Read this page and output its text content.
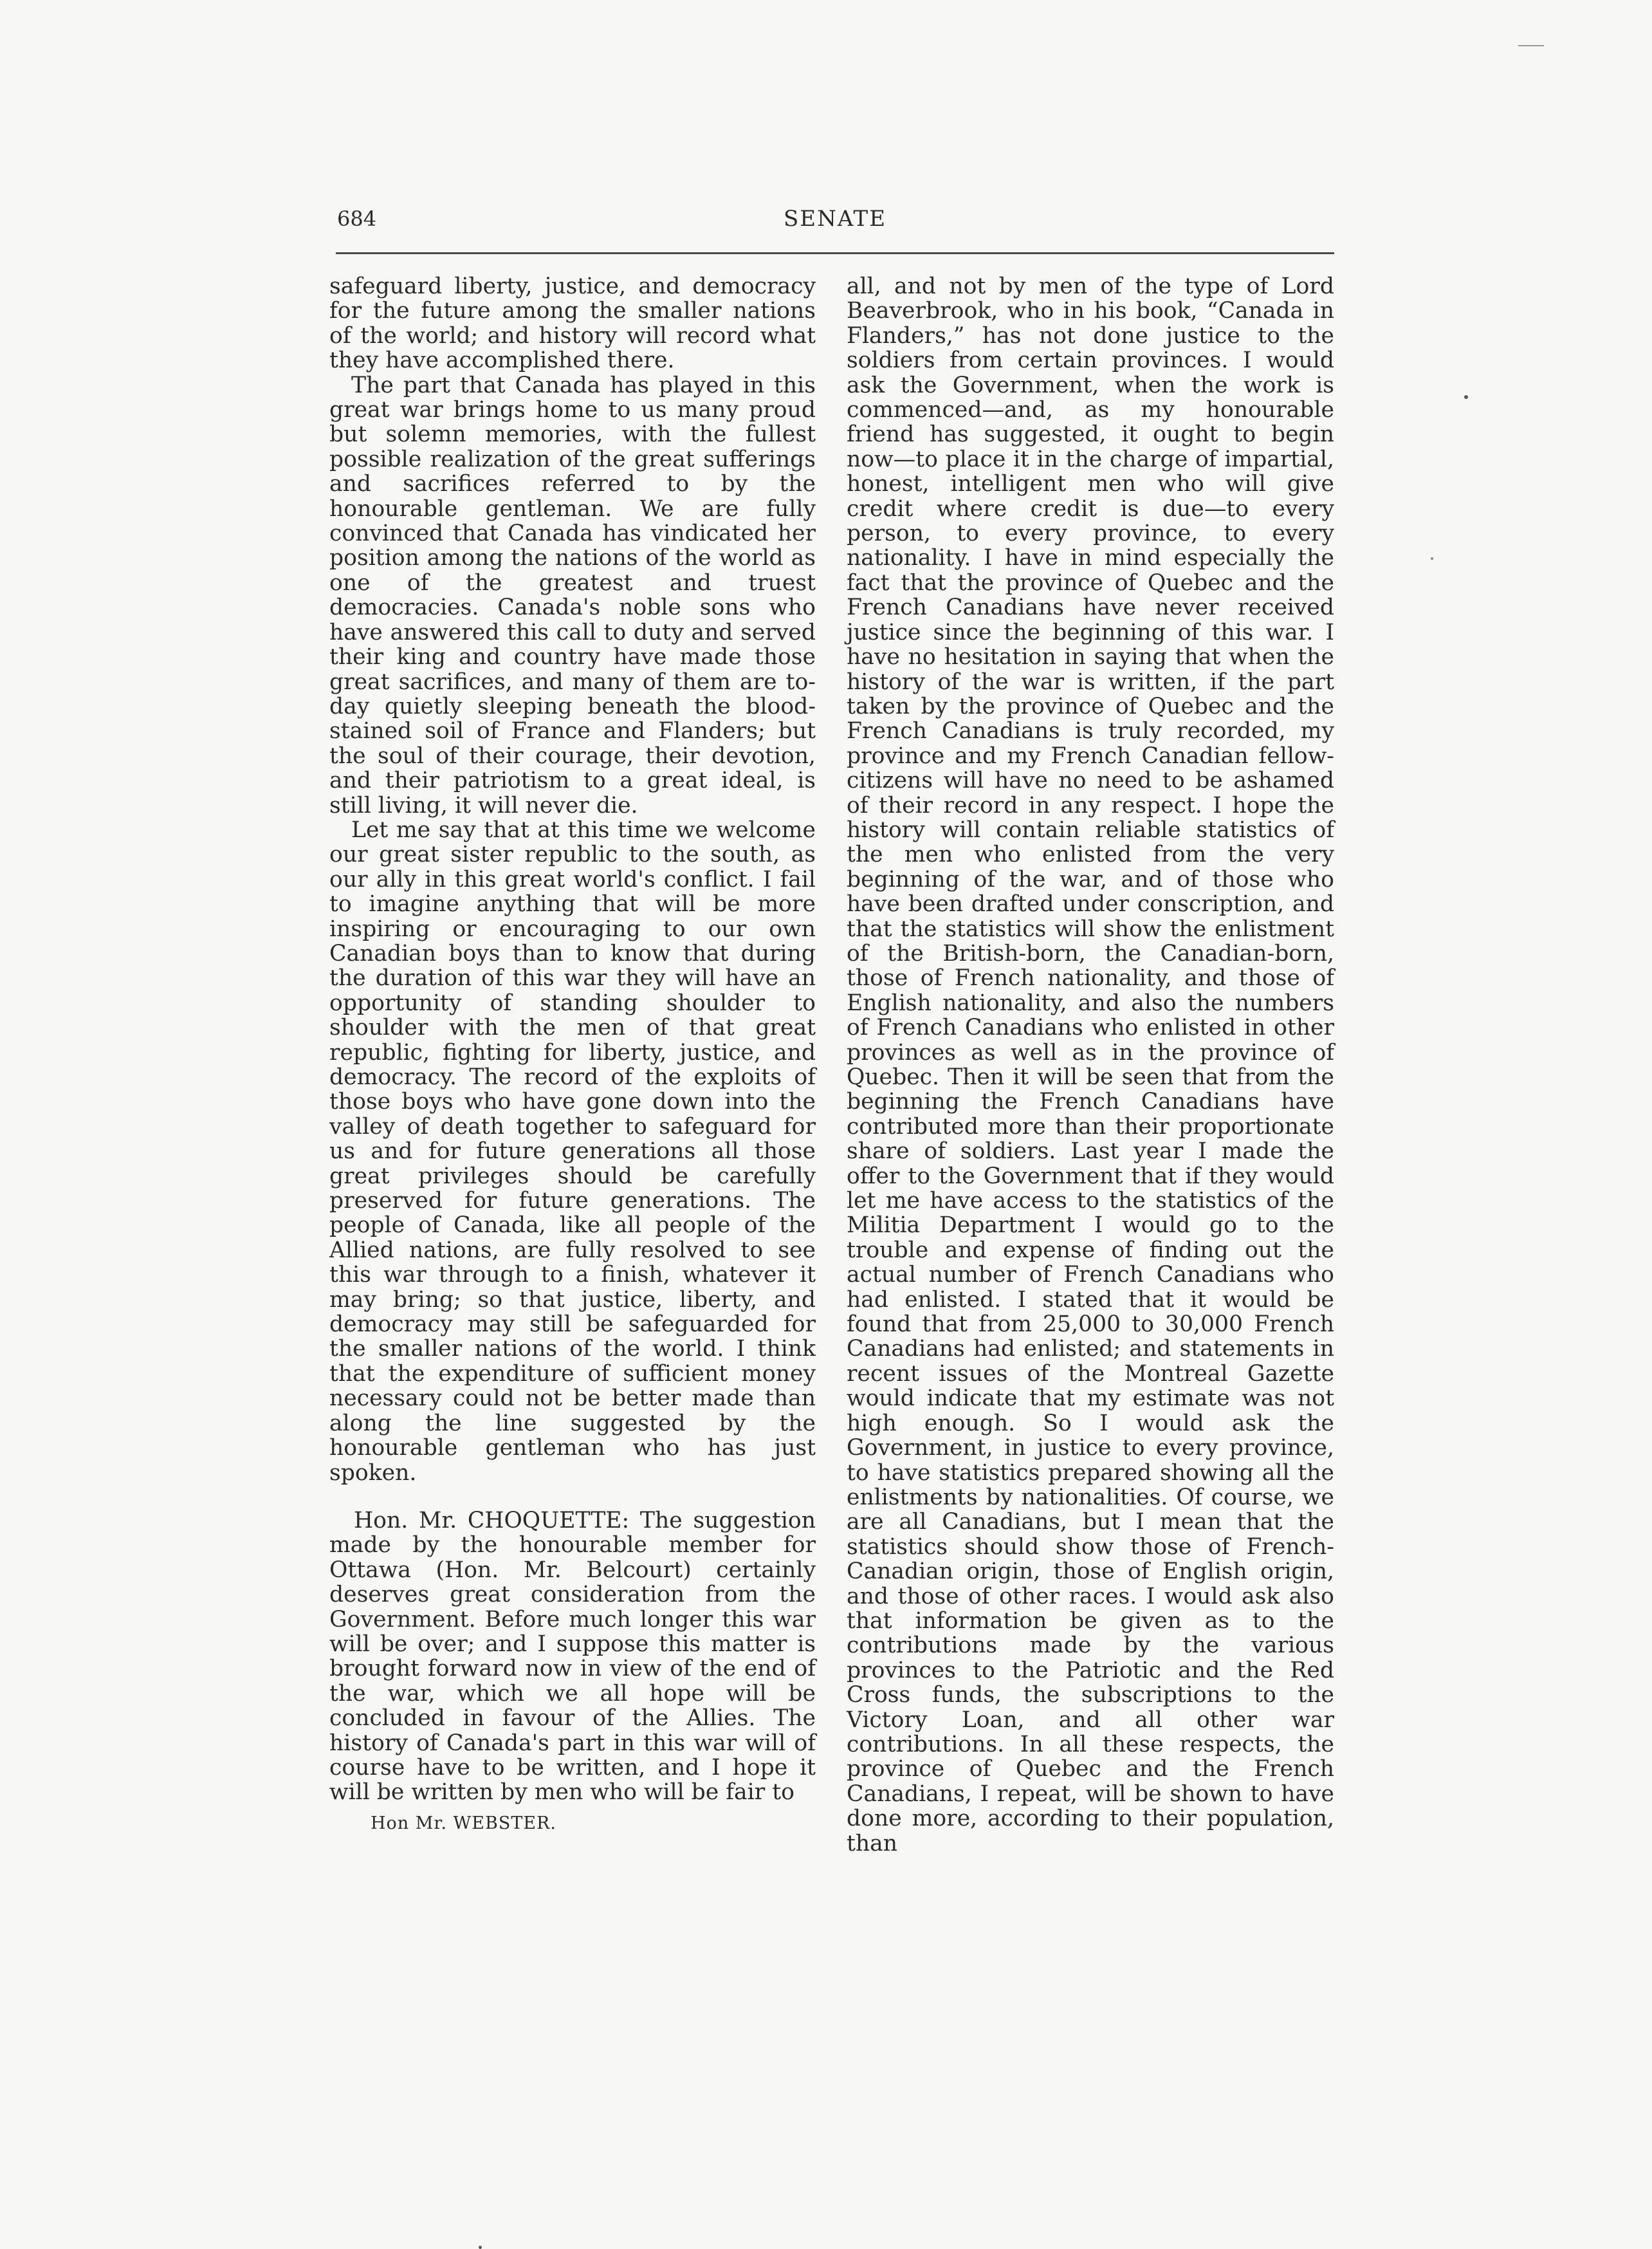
684	SENATE

safeguard liberty, justice, and democracy for the future among the smaller nations of the world; and history will record what they have accomplished there.

The part that Canada has played in this great war brings home to us many proud but solemn memories, with the fullest possible realization of the great sufferings and sacrifices referred to by the honourable gentleman. We are fully convinced that Canada has vindicated her position among the nations of the world as one of the greatest and truest democracies. Canada's noble sons who have answered this call to duty and served their king and country have made those great sacrifices, and many of them are to-day quietly sleeping beneath the blood-stained soil of France and Flanders; but the soul of their courage, their devotion, and their patriotism to a great ideal, is still living, it will never die.

Let me say that at this time we welcome our great sister republic to the south, as our ally in this great world's conflict. I fail to imagine anything that will be more inspiring or encouraging to our own Canadian boys than to know that during the duration of this war they will have an opportunity of standing shoulder to shoulder with the men of that great republic, fighting for liberty, justice, and democracy. The record of the exploits of those boys who have gone down into the valley of death together to safeguard for us and for future generations all those great privileges should be carefully preserved for future generations. The people of Canada, like all people of the Allied nations, are fully resolved to see this war through to a finish, whatever it may bring; so that justice, liberty, and democracy may still be safeguarded for the smaller nations of the world. I think that the expenditure of sufficient money necessary could not be better made than along the line suggested by the honourable gentleman who has just spoken.

Hon. Mr. CHOQUETTE: The suggestion made by the honourable member for Ottawa (Hon. Mr. Belcourt) certainly deserves great consideration from the Government. Before much longer this war will be over; and I suppose this matter is brought forward now in view of the end of the war, which we all hope will be concluded in favour of the Allies. The history of Canada's part in this war will of course have to be written, and I hope it will be written by men who will be fair to

Hon Mr. WEBSTER.

all, and not by men of the type of Lord Beaverbrook, who in his book, “Canada in Flanders,” has not done justice to the soldiers from certain provinces. I would ask the Government, when the work is commenced—and, as my honourable friend has suggested, it ought to begin now—to place it in the charge of impartial, honest, intelligent men who will give credit where credit is due—to every person, to every province, to every nationality. I have in mind especially the fact that the province of Quebec and the French Canadians have never received justice since the beginning of this war. I have no hesitation in saying that when the history of the war is written, if the part taken by the province of Quebec and the French Canadians is truly recorded, my province and my French Canadian fellow-citizens will have no need to be ashamed of their record in any respect. I hope the history will contain reliable statistics of the men who enlisted from the very beginning of the war, and of those who have been drafted under conscription, and that the statistics will show the enlistment of the British-born, the Canadian-born, those of French nationality, and those of English nationality, and also the numbers of French Canadians who enlisted in other provinces as well as in the province of Quebec. Then it will be seen that from the beginning the French Canadians have contributed more than their proportionate share of soldiers. Last year I made the offer to the Government that if they would let me have access to the statistics of the Militia Department I would go to the trouble and expense of finding out the actual number of French Canadians who had enlisted. I stated that it would be found that from 25,000 to 30,000 French Canadians had enlisted; and statements in recent issues of the Montreal Gazette would indicate that my estimate was not high enough. So I would ask the Government, in justice to every province, to have statistics prepared showing all the enlistments by nationalities. Of course, we are all Canadians, but I mean that the statistics should show those of French-Canadian origin, those of English origin, and those of other races. I would ask also that information be given as to the contributions made by the various provinces to the Patriotic and the Red Cross funds, the subscriptions to the Victory Loan, and all other war contributions. In all these respects, the province of Quebec and the French Canadians, I repeat, will be shown to have done more, according to their population, than
